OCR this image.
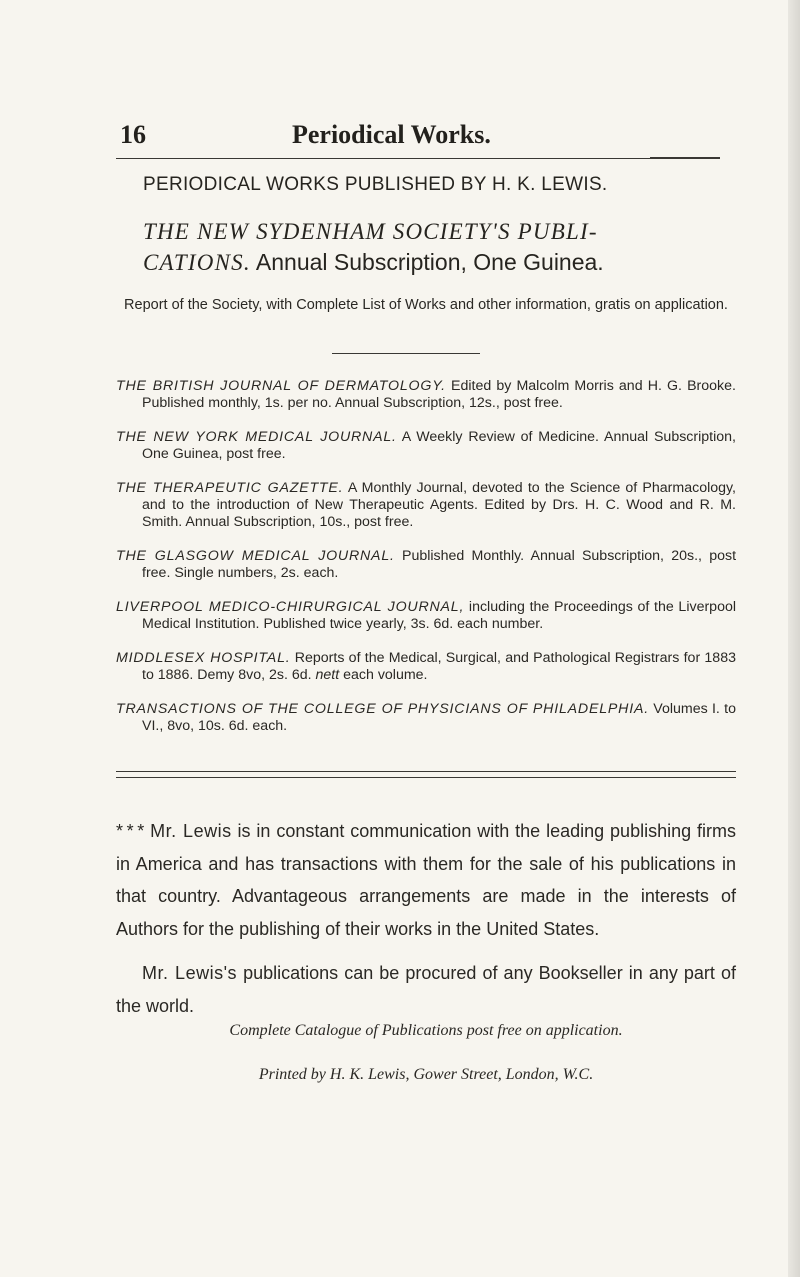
16	Periodical Works.
PERIODICAL WORKS PUBLISHED BY H. K. LEWIS.
THE NEW SYDENHAM SOCIETY'S PUBLI-
CATIONS. Annual Subscription, One Guinea.
Report of the Society, with Complete List of Works and other information, gratis on application.
THE BRITISH JOURNAL OF DERMATOLOGY. Edited by Malcolm Morris and H. G. Brooke. Published monthly, 1s. per no. Annual Subscription, 12s., post free.
THE NEW YORK MEDICAL JOURNAL. A Weekly Review of Medicine. Annual Subscription, One Guinea, post free.
THE THERAPEUTIC GAZETTE. A Monthly Journal, devoted to the Science of Pharmacology, and to the introduction of New Therapeutic Agents. Edited by Drs. H. C. Wood and R. M. Smith. Annual Subscription, 10s., post free.
THE GLASGOW MEDICAL JOURNAL. Published Monthly. Annual Subscription, 20s., post free. Single numbers, 2s. each.
LIVERPOOL MEDICO-CHIRURGICAL JOURNAL, including the Proceedings of the Liverpool Medical Institution. Published twice yearly, 3s. 6d. each number.
MIDDLESEX HOSPITAL. Reports of the Medical, Surgical, and Pathological Registrars for 1883 to 1886. Demy 8vo, 2s. 6d. nett each volume.
TRANSACTIONS OF THE COLLEGE OF PHYSICIANS OF PHILADELPHIA. Volumes I. to VI., 8vo, 10s. 6d. each.

* * * Mr. Lewis is in constant communication with the leading publishing firms in America and has transactions with them for the sale of his publications in that country. Advantageous arrangements are made in the interests of Authors for the publishing of their works in the United States.

Mr. Lewis's publications can be procured of any Bookseller in any part of the world.

Complete Catalogue of Publications post free on application.
Printed by H. K. Lewis, Gower Street, London, W.C.
